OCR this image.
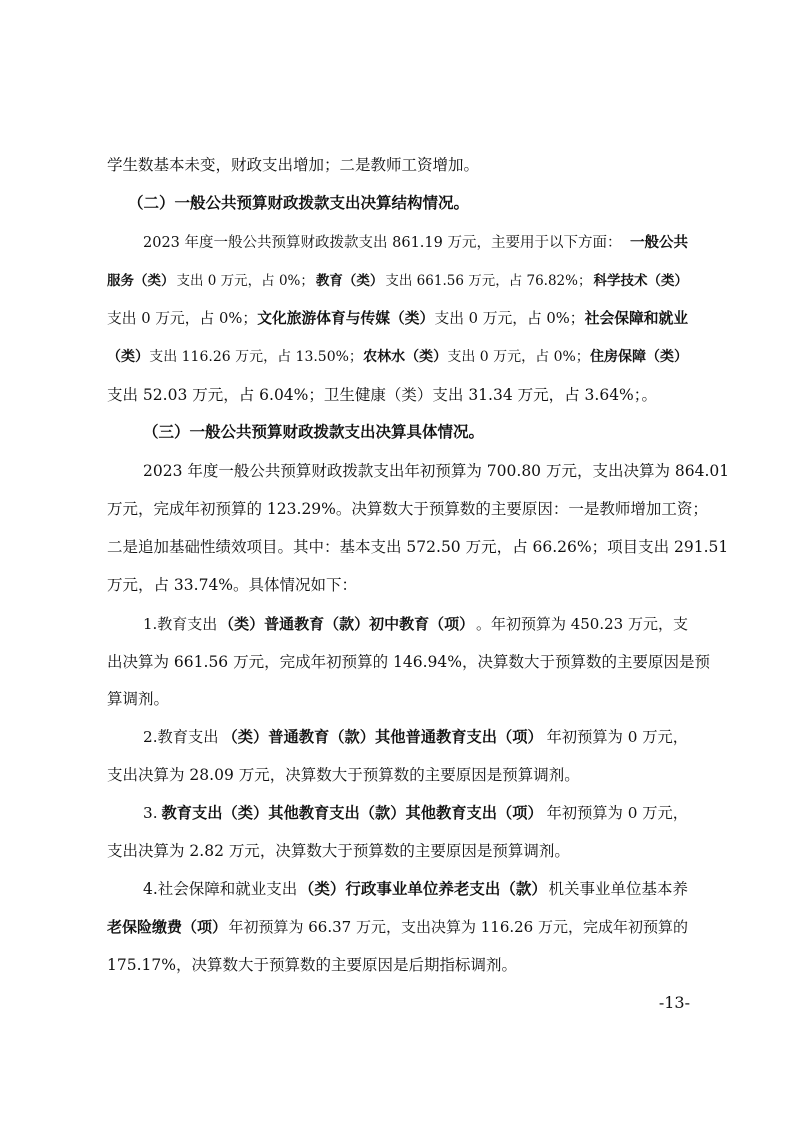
学生数基本未变，财政支出增加；二是教师工资增加。
（二）一般公共预算财政拨款支出决算结构情况。
2023 年度一般公共预算财政拨款支出 861.19 万元，主要用于以下方面： 一般公共
服务（类） 支出 0 万元，占 0%； 教育（类） 支出 661.56 万元，占 76.82%； 科学技术（类）
支出 0 万元，占 0%； 文化旅游体育与传媒（类） 支出 0 万元，占 0%； 社会保障和就业
（类） 支出 116.26 万元，占 13.50%； 农林水（类） 支出 0 万元，占 0%； 住房保障（类）
支出 52.03 万元，占 6.04%；卫生健康（类）支出 31.34 万元，占 3.64%；。
（三）一般公共预算财政拨款支出决算具体情况。
2023 年度一般公共预算财政拨款支出年初预算为 700.80 万元，支出决算为 864.01
万元，完成年初预算的 123.29%。决算数大于预算数的主要原因：一是教师增加工资；
二是追加基础性绩效项目。其中：基本支出 572.50 万元，占 66.26%；项目支出 291.51
万元，占 33.74%。具体情况如下：
1.教育支出 （类）普通教育（款）初中教育（项） 。年初预算为 450.23 万元，支
出决算为 661.56 万元，完成年初预算的 146.94%，决算数大于预算数的主要原因是预
算调剂。
2.教育支出 （类）普通教育（款）其他普通教育支出（项） 年初预算为 0 万元，
支出决算为 28.09 万元，决算数大于预算数的主要原因是预算调剂。
3. 教育支出（类）其他教育支出（款）其他教育支出（项） 年初预算为 0 万元，
支出决算为 2.82 万元，决算数大于预算数的主要原因是预算调剂。
4.社会保障和就业支出 （类）行政事业单位养老支出（款） 机关事业单位基本养
老保险缴费（项） 年初预算为 66.37 万元，支出决算为 116.26 万元，完成年初预算的
175.17%，决算数大于预算数的主要原因是后期指标调剂。
-13-
